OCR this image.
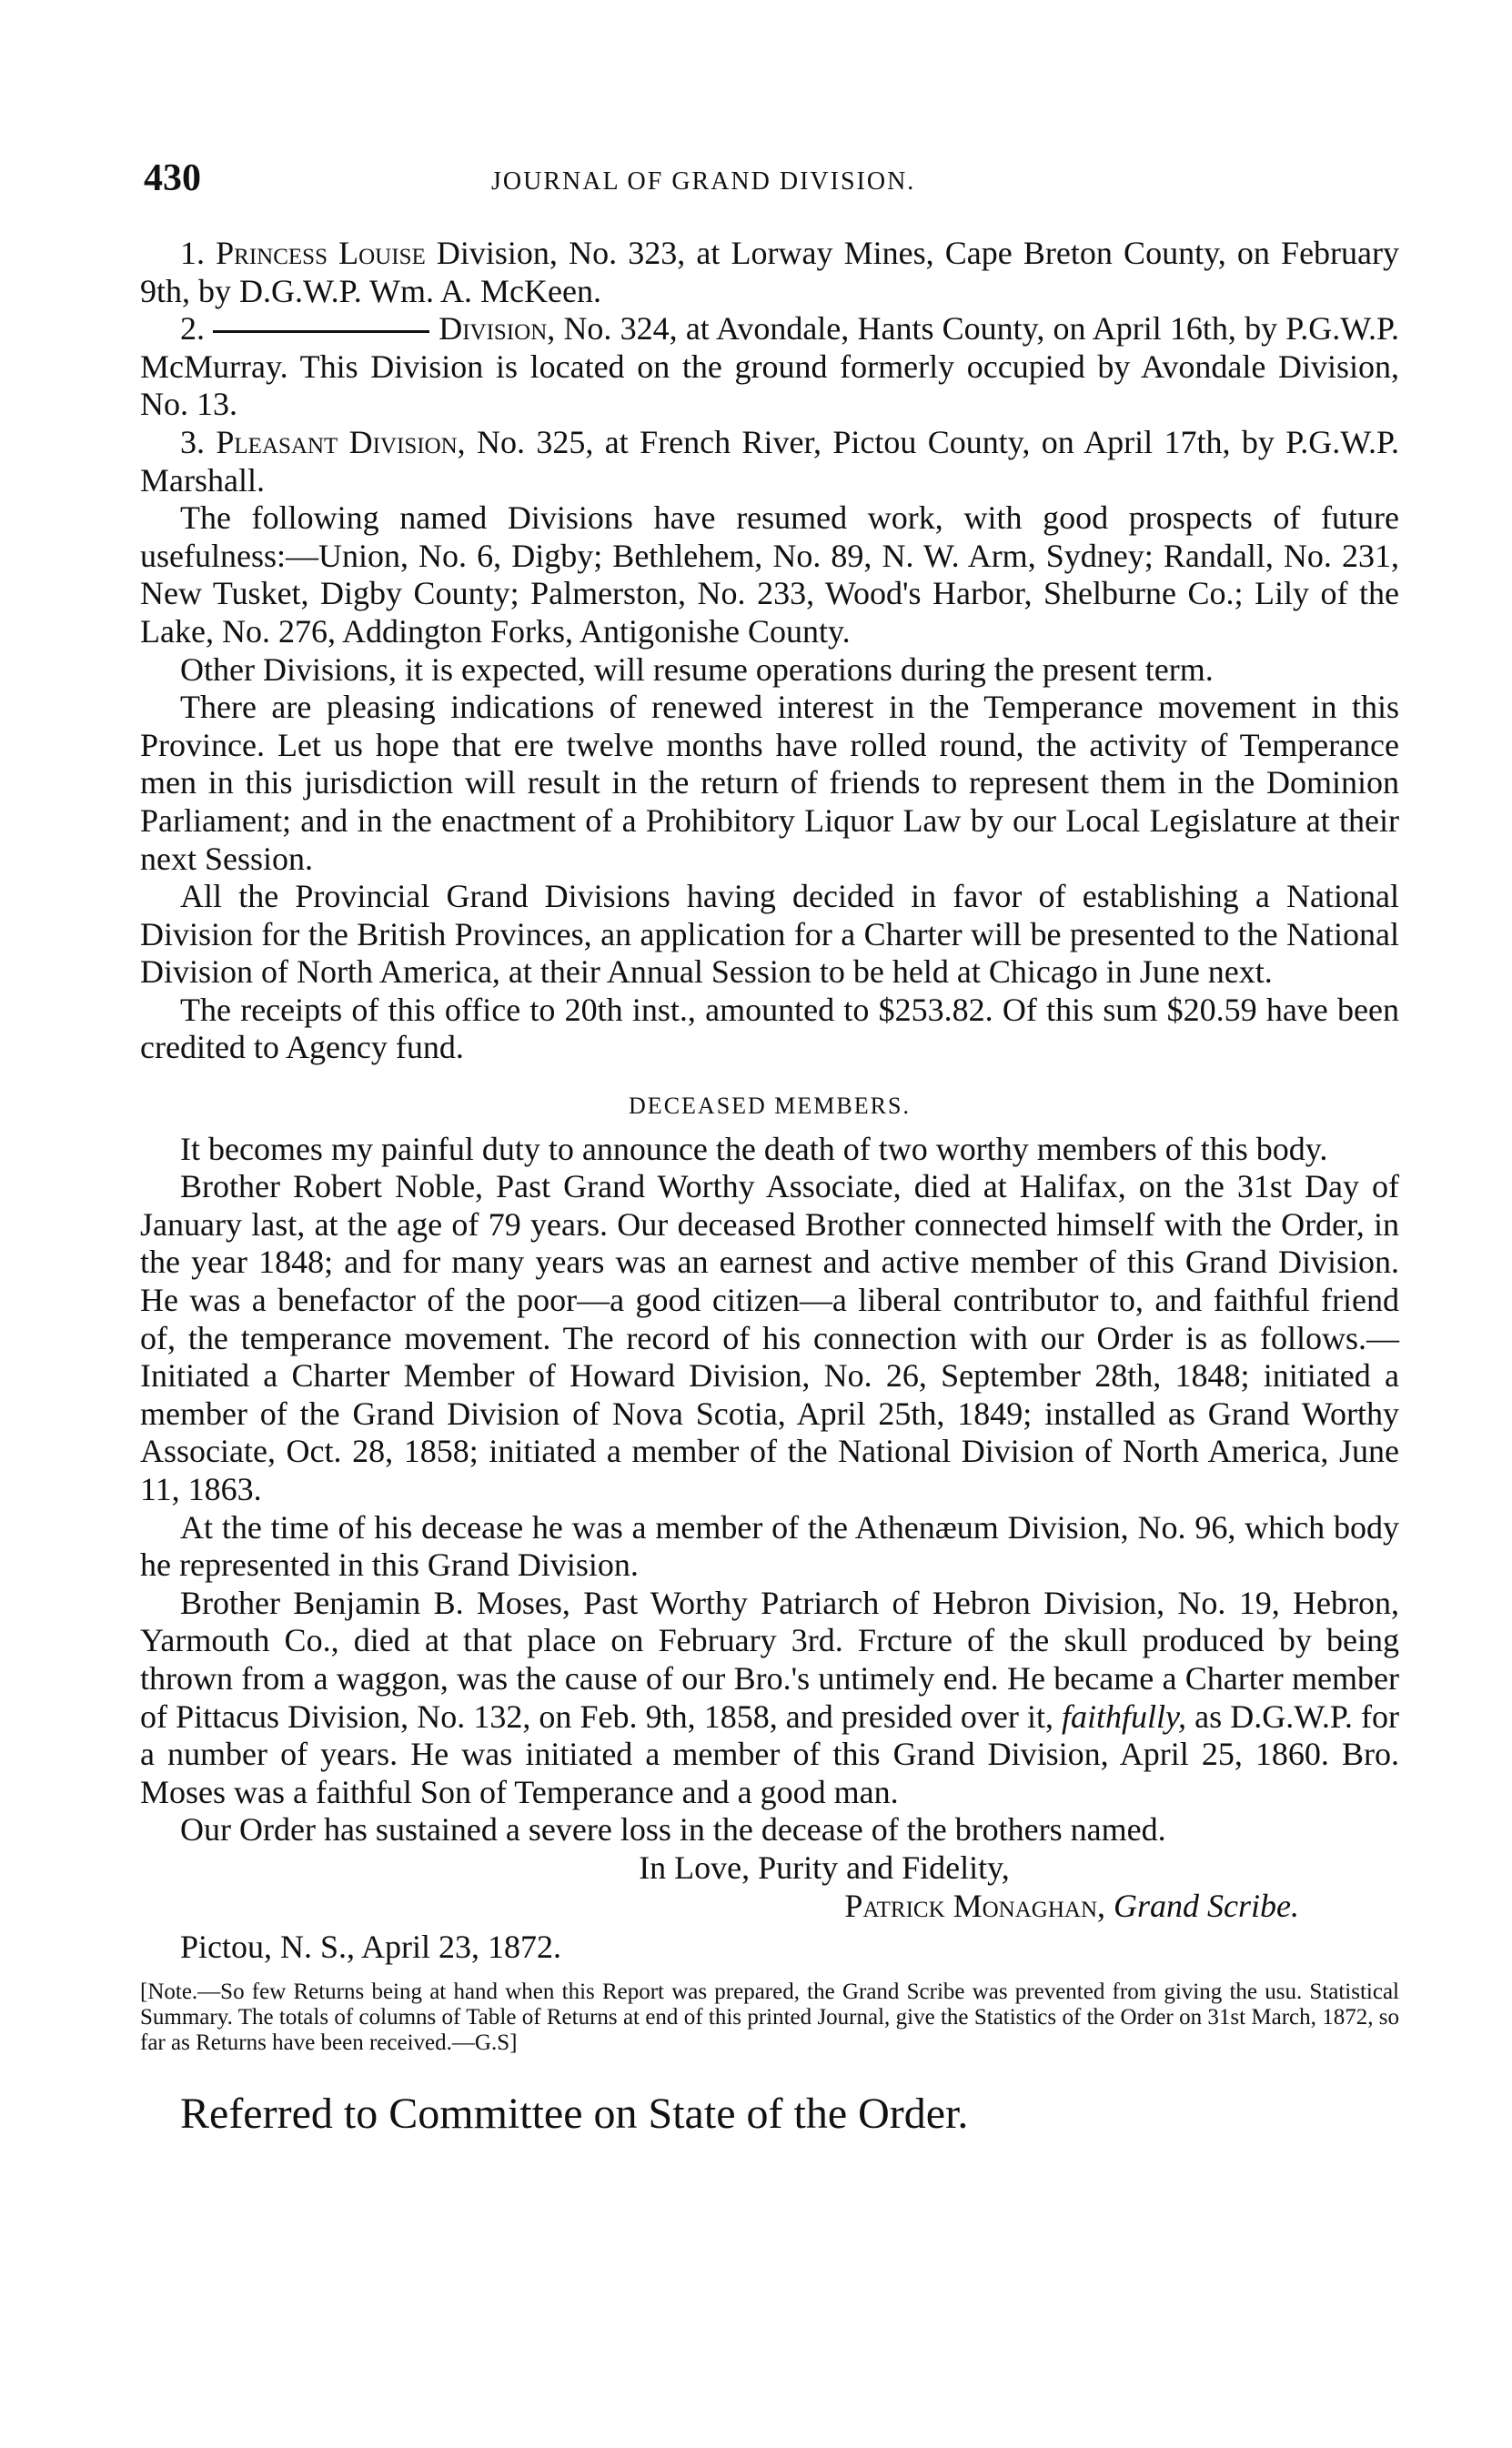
430	JOURNAL OF GRAND DIVISION.

1. Princess Louise Division, No. 323, at Lorway Mines, Cape Breton County, on February 9th, by D.G.W.P. Wm. A. McKeen.

2.	Division, No. 324, at Avondale, Hants County, on April 16th, by P.G.W.P. McMurray. This Division is located on the ground formerly occupied by Avondale Division, No. 13.

3. Pleasant Division, No. 325, at French River, Pictou County, on April 17th, by P.G.W.P. Marshall.

The following named Divisions have resumed work, with good prospects of future usefulness:—Union, No. 6, Digby; Bethlehem, No. 89, N. W. Arm, Sydney; Randall, No. 231, New Tusket, Digby County; Palmerston, No. 233, Wood's Harbor, Shelburne Co.; Lily of the Lake, No. 276, Addington Forks, Antigonishe County.

Other Divisions, it is expected, will resume operations during the present term.

There are pleasing indications of renewed interest in the Temperance movement in this Province. Let us hope that ere twelve months have rolled round, the activity of Temperance men in this jurisdiction will result in the return of friends to represent them in the Dominion Parliament; and in the enactment of a Prohibitory Liquor Law by our Local Legislature at their next Session.

All the Provincial Grand Divisions having decided in favor of establishing a National Division for the British Provinces, an application for a Charter will be presented to the National Division of North America, at their Annual Session to be held at Chicago in June next.

The receipts of this office to 20th inst., amounted to $253.82. Of this sum $20.59 have been credited to Agency fund.

DECEASED MEMBERS.

It becomes my painful duty to announce the death of two worthy members of this body.

Brother Robert Noble, Past Grand Worthy Associate, died at Halifax, on the 31st Day of January last, at the age of 79 years. Our deceased Brother connected himself with the Order, in the year 1848; and for many years was an earnest and active member of this Grand Division. He was a benefactor of the poor—a good citizen—a liberal contributor to, and faithful friend of, the temperance movement. The record of his connection with our Order is as follows.—Initiated a Charter Member of Howard Division, No. 26, September 28th, 1848; initiated a member of the Grand Division of Nova Scotia, April 25th, 1849; installed as Grand Worthy Associate, Oct. 28, 1858; initiated a member of the National Division of North America, June 11, 1863.

At the time of his decease he was a member of the Athenæum Division, No. 96, which body he represented in this Grand Division.

Brother Benjamin B. Moses, Past Worthy Patriarch of Hebron Division, No. 19, Hebron, Yarmouth Co., died at that place on February 3rd. Frcture of the skull produced by being thrown from a waggon, was the cause of our Bro.'s untimely end. He became a Charter member of Pittacus Division, No. 132, on Feb. 9th, 1858, and presided over it, faithfully, as D.G.W.P. for a number of years. He was initiated a member of this Grand Division, April 25, 1860. Bro. Moses was a faithful Son of Temperance and a good man.

Our Order has sustained a severe loss in the decease of the brothers named.

In Love, Purity and Fidelity,

Patrick Monaghan, Grand Scribe.

Pictou, N. S., April 23, 1872.

[Note.—So few Returns being at hand when this Report was prepared, the Grand Scribe was prevented from giving the usu. Statistical Summary. The totals of columns of Table of Returns at end of this printed Journal, give the Statistics of the Order on 31st March, 1872, so far as Returns have been received.—G.S]

Referred to Committee on State of the Order.
